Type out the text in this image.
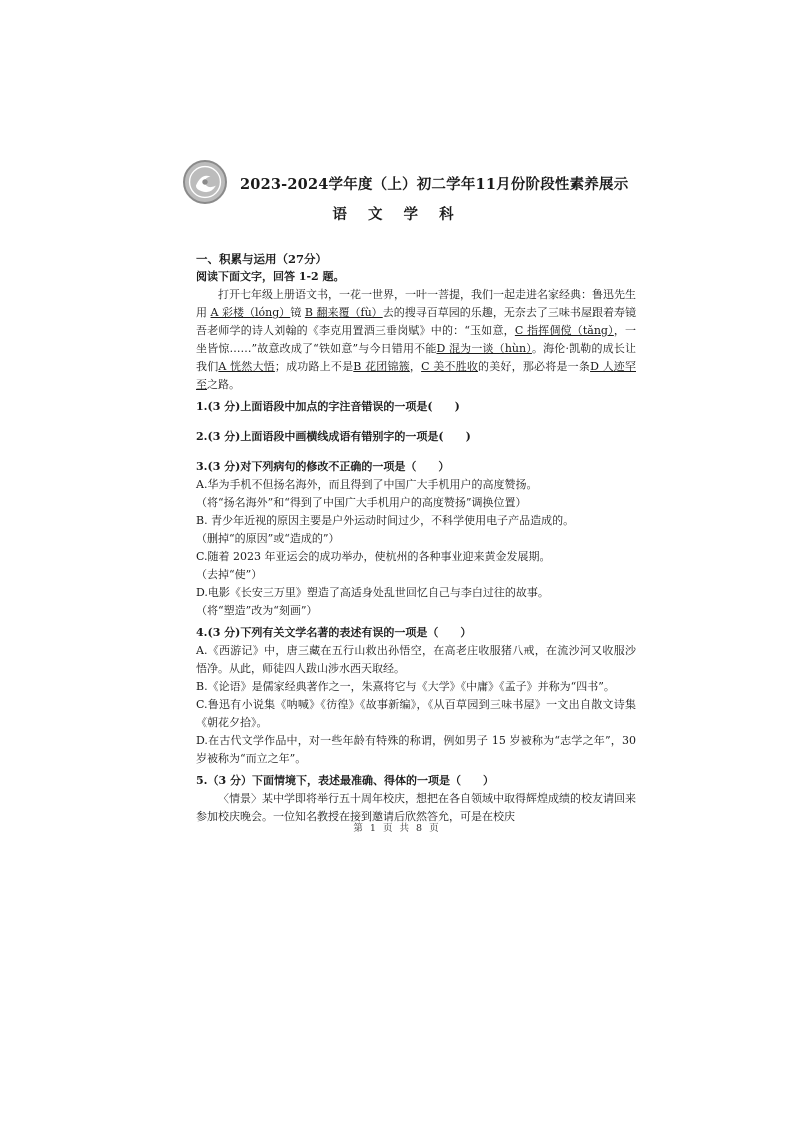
2023-2024学年度（上）初二学年11月份阶段性素养展示
语 文 学 科

一、积累与运用（27分）

阅读下面文字，回答 1-2 题。

打开七年级上册语文书，一花一世界，一叶一菩提，我们一起走进名家经典：鲁迅先生用 A 彩楼（lóng）镜 B 翻来覆（fù）去的搜寻百草园的乐趣，无奈去了三味书屋跟着寿镜吾老师学的诗人刘翰的《李克用置酒三垂岗赋》中的：“玉如意，C 指挥倜傥（tǎng），一坐皆惊……”故意改成了“铁如意”与今日错用不能D 混为一谈（hùn）。海伦·凯勒的成长让我们A 恍然大悟；成功路上不是B 花团锦簇，C 美不胜收的美好，那必将是一条D 人迹罕至之路。

1.(3 分)上面语段中加点的字注音错误的一项是(　　)

2.(3 分)上面语段中画横线成语有错别字的一项是(　　)

3.(3 分)对下列病句的修改不正确的一项是（　　）

A.华为手机不但扬名海外，而且得到了中国广大手机用户的高度赞扬。

（将“扬名海外”和“得到了中国广大手机用户的高度赞扬”调换位置）

B. 青少年近视的原因主要是户外运动时间过少，不科学使用电子产品造成的。

（删掉“的原因”或“造成的”）

C.随着 2023 年亚运会的成功举办，使杭州的各种事业迎来黄金发展期。

（去掉“使”）

D.电影《长安三万里》塑造了高适身处乱世回忆自己与李白过往的故事。

（将“塑造”改为“刻画”）

4.(3 分)下列有关文学名著的表述有误的一项是（　　）

A.《西游记》中，唐三藏在五行山救出孙悟空，在高老庄收服猪八戒，在流沙河又收服沙悟净。从此，师徒四人跋山涉水西天取经。

B.《论语》是儒家经典著作之一，朱熹将它与《大学》《中庸》《孟子》并称为“四书”。

C.鲁迅有小说集《呐喊》《彷徨》《故事新编》，《从百草园到三味书屋》一文出自散文诗集《朝花夕拾》。

D.在古代文学作品中，对一些年龄有特殊的称谓，例如男子 15 岁被称为“志学之年”，30 岁被称为“而立之年”。

5.（3 分）下面情境下，表述最准确、得体的一项是（　　）

〈情景〉某中学即将举行五十周年校庆，想把在各自领域中取得辉煌成绩的校友请回来参加校庆晚会。一位知名教授在接到邀请后欣然答允，可是在校庆

第 1 页 共 8 页
